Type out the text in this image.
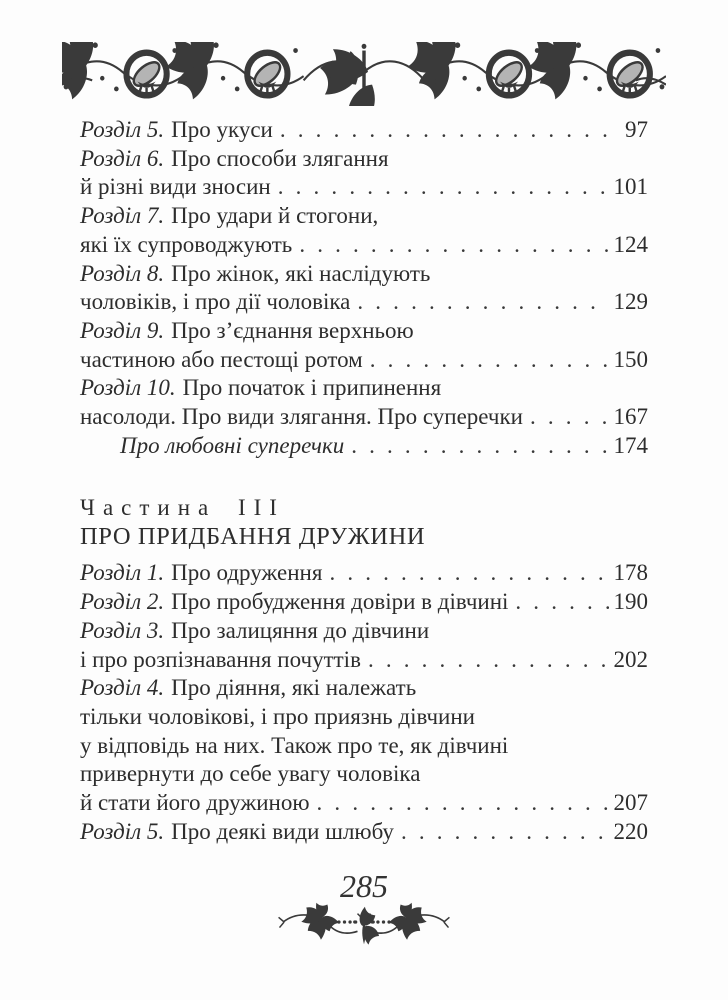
Розділ 5. Про укуси . . .	97
Розділ 6. Про способи злягання
й різні види зносин . . .	101
Розділ 7. Про удари й стогони,
які їх супроводжують . . .	124
Розділ 8. Про жінок, які наслідують
чоловіків, і про дії чоловіка . . .	129
Розділ 9. Про з’єднання верхньою
частиною або пестощі ротом . . .	150
Розділ 10. Про початок і припинення
насолоди. Про види злягання. Про суперечки . . .	167
Про любовні суперечки . . .	174
Частина III
ПРО ПРИДБАННЯ ДРУЖИНИ
Розділ 1. Про одруження . . .	178
Розділ 2. Про пробудження довіри в дівчині . . .	190
Розділ 3. Про залицяння до дівчини
і про розпізнавання почуттів . . .	202
Розділ 4. Про діяння, які належать
тільки чоловікові, і про приязнь дівчини
у відповідь на них. Також про те, як дівчині
привернути до себе увагу чоловіка
й стати його дружиною . . .	207
Розділ 5. Про деякі види шлюбу . . .	220
285
